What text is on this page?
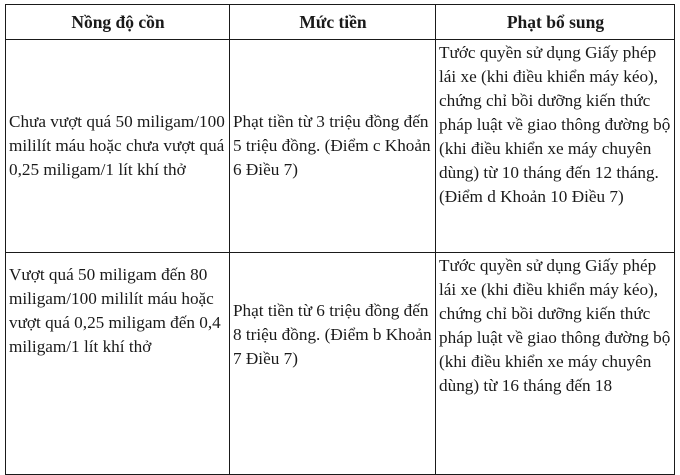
Nồng độ cồn	Mức tiền	Phạt bổ sung

Chưa vượt quá 50 miligam/100 mililít máu hoặc chưa vượt quá 0,25 miligam/1 lít khí thở	Phạt tiền từ 3 triệu đồng đến 5 triệu đồng. (Điểm c Khoản 6 Điều 7)	Tước quyền sử dụng Giấy phép lái xe (khi điều khiển máy kéo), chứng chỉ bồi dưỡng kiến thức pháp luật về giao thông đường bộ (khi điều khiển xe máy chuyên dùng) từ 10 tháng đến 12 tháng. (Điểm d Khoản 10 Điều 7)

Vượt quá 50 miligam đến 80 miligam/100 mililít máu hoặc vượt quá 0,25 miligam đến 0,4 miligam/1 lít khí thở	Phạt tiền từ 6 triệu đồng đến 8 triệu đồng. (Điểm b Khoản 7 Điều 7)	Tước quyền sử dụng Giấy phép lái xe (khi điều khiển máy kéo), chứng chỉ bồi dưỡng kiến thức pháp luật về giao thông đường bộ (khi điều khiển xe máy chuyên dùng) từ 16 tháng đến 18
